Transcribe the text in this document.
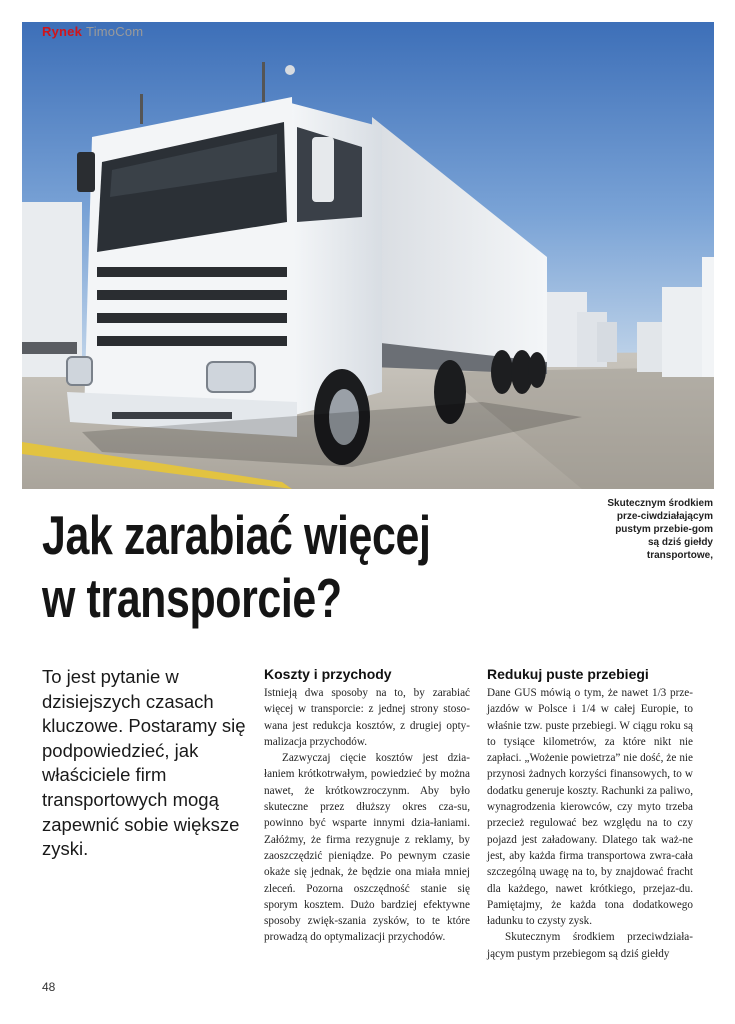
Rynek TimoCom
Jak zarabiać więcej
w transporcie?
Skutecznym środkiem prze-ciwdziałającym pustym przebie-gom są dziś giełdy transportowe,

To jest pytanie w dzisiejszych czasach kluczowe. Postaramy się podpowiedzieć, jak właściciele firm transportowych mogą zapewnić sobie większe zyski.

Koszty i przychody

Istnieją dwa sposoby na to, by zarabiać więcej w transporcie: z jednej strony stoso-wana jest redukcja kosztów, z drugiej opty-malizacja przychodów.

Zazwyczaj cięcie kosztów jest dzia-łaniem krótkotrwałym, powiedzieć by można nawet, że krótkowzroczynm. Aby było skuteczne przez dłuższy okres cza-su, powinno być wsparte innymi dzia-łaniami. Załóżmy, że firma rezygnuje z reklamy, by zaoszczędzić pieniądze. Po pewnym czasie okaże się jednak, że będzie ona miała mniej zleceń. Pozorna oszczędność stanie się sporym kosztem. Dużo bardziej efektywne sposoby zwięk-szania zysków, to te które prowadzą do optymalizacji przychodów.

Redukuj puste przebiegi

Dane GUS mówią o tym, że nawet 1/3 prze-jazdów w Polsce i 1/4 w całej Europie, to właśnie tzw. puste przebiegi. W ciągu roku są to tysiące kilometrów, za które nikt nie zapłaci. „Wożenie powietrza” nie dość, że nie przynosi żadnych korzyści finansowych, to w dodatku generuje koszty. Rachunki za paliwo, wynagrodzenia kierowców, czy myto trzeba przecież regulować bez względu na to czy pojazd jest załadowany. Dlatego tak waż-ne jest, aby każda firma transportowa zwra-cała szczególną uwagę na to, by znajdować fracht dla każdego, nawet krótkiego, przejaz-du. Pamiętajmy, że każda tona dodatkowego ładunku to czysty zysk.

Skutecznym środkiem przeciwdziała-jącym pustym przebiegom są dziś giełdy

48
